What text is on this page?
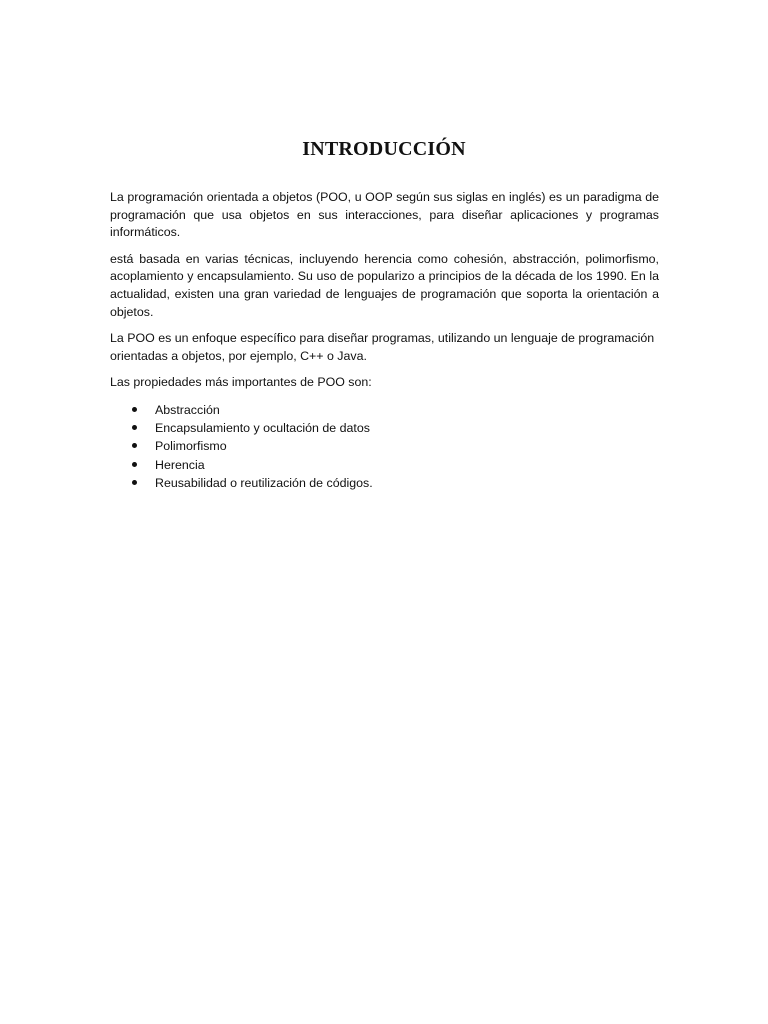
INTRODUCCIÓN

La programación orientada a objetos (POO, u OOP según sus siglas en inglés) es un paradigma de programación que usa objetos en sus interacciones, para diseñar aplicaciones y programas informáticos.

está basada en varias técnicas, incluyendo herencia como cohesión, abstracción, polimorfismo, acoplamiento y encapsulamiento. Su uso de popularizo a principios de la década de los 1990. En la actualidad, existen una gran variedad de lenguajes de programación que soporta la orientación a objetos.

La POO es un enfoque específico para diseñar programas, utilizando un lenguaje de programación orientadas a objetos, por ejemplo, C++ o Java.

Las propiedades más importantes de POO son:

Abstracción
Encapsulamiento y ocultación de datos
Polimorfismo
Herencia
Reusabilidad o reutilización de códigos.
